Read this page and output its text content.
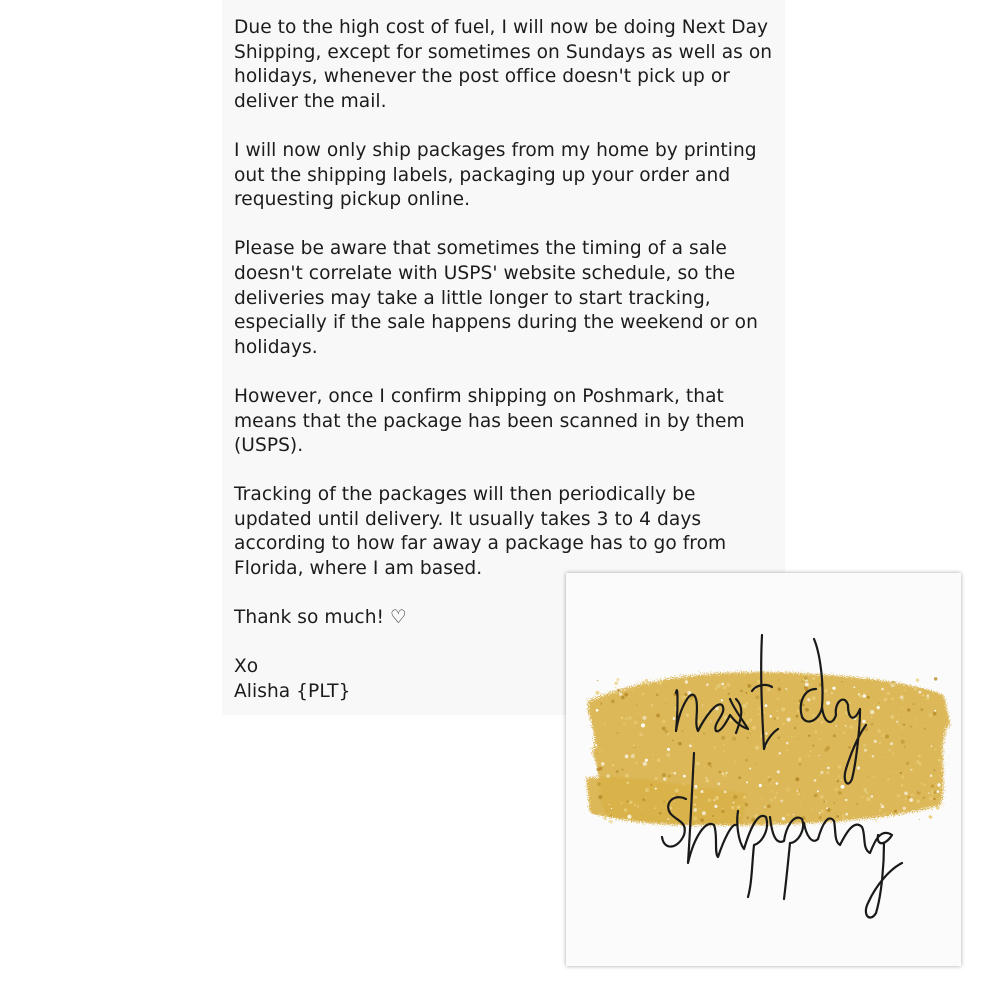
Due to the high cost of fuel, I will now be doing Next Day Shipping, except for sometimes on Sundays as well as on holidays, whenever the post office doesn't pick up or deliver the mail.

I will now only ship packages from my home by printing out the shipping labels, packaging up your order and requesting pickup online.

Please be aware that sometimes the timing of a sale doesn't correlate with USPS' website schedule, so the deliveries may take a little longer to start tracking, especially if the sale happens during the weekend or on holidays.

However, once I confirm shipping on Poshmark, that means that the package has been scanned in by them (USPS).

Tracking of the packages will then periodically be updated until delivery. It usually takes 3 to 4 days according to how far away a package has to go from Florida, where I am based.

Thank so much! ♡

Xo
Alisha {PLT}
